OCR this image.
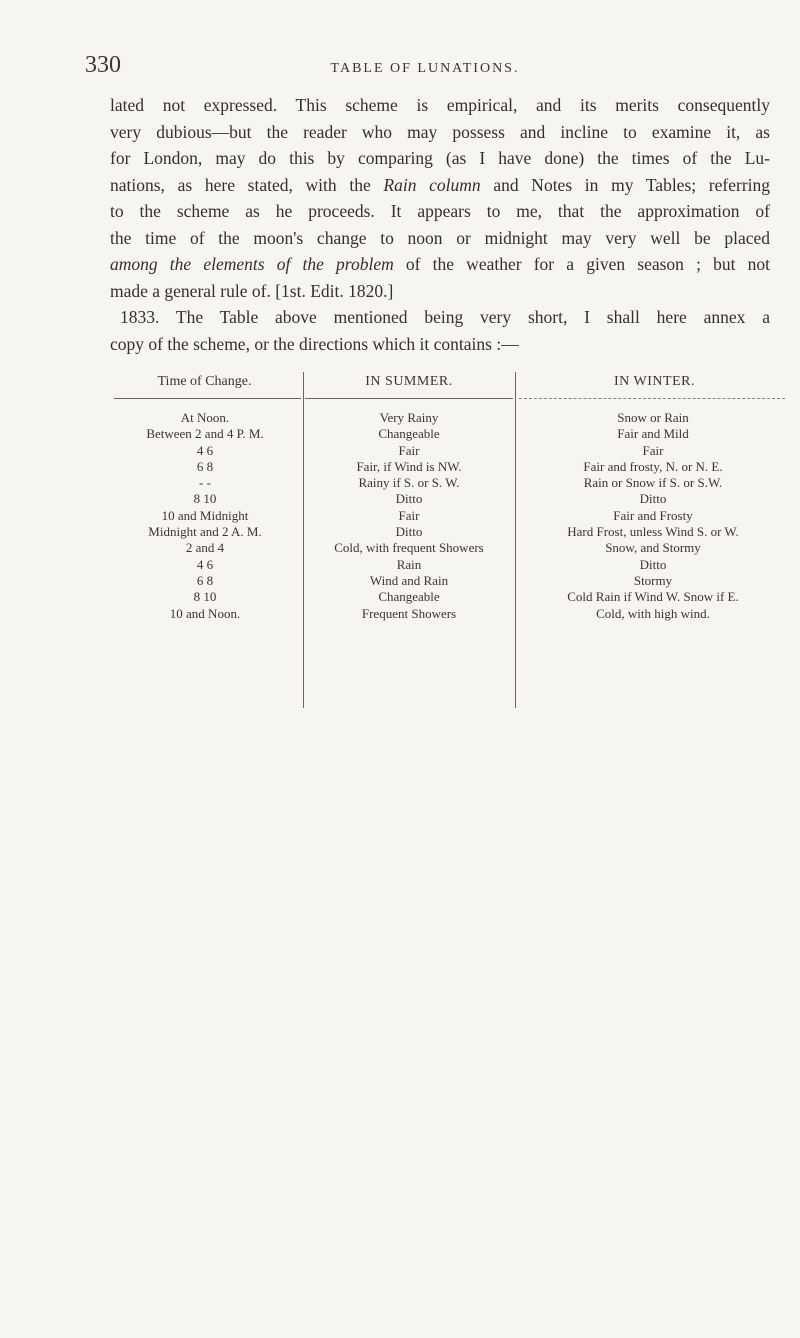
330	TABLE OF LUNATIONS.
lated not expressed. This scheme is empirical, and its merits consequently
very dubious—but the reader who may possess and incline to examine it, as
for London, may do this by comparing (as I have done) the times of the Lu-
nations, as here stated, with the Rain column and Notes in my Tables; referring
to the scheme as he proceeds. It appears to me, that the approximation of
the time of the moon's change to noon or midnight may very well be placed
among the elements of the problem of the weather for a given season ; but not
made a general rule of. [1st. Edit. 1820.]
1833. The Table above mentioned being very short, I shall here annex a
copy of the scheme, or the directions which it contains :—
Time of Change.	IN SUMMER.	IN WINTER.
At Noon.	Very Rainy	Snow or Rain
Between 2 and 4 P. M.	Changeable	Fair and Mild
4 6	Fair	Fair
6 8	Fair, if Wind is NW.	Fair and frosty, N. or N. E.
- -	Rainy if S. or S. W.	Rain or Snow if S. or S.W.
8 10	Ditto	Ditto
10 and Midnight	Fair	Fair and Frosty
Midnight and 2 A. M.	Ditto	Hard Frost, unless Wind S. or W.
2 and 4	Cold, with frequent Showers	Snow, and Stormy
4 6	Rain	Ditto
6 8	Wind and Rain	Stormy
8 10	Changeable	Cold Rain if Wind W. Snow if E.
10 and Noon.	Frequent Showers	Cold, with high wind.
